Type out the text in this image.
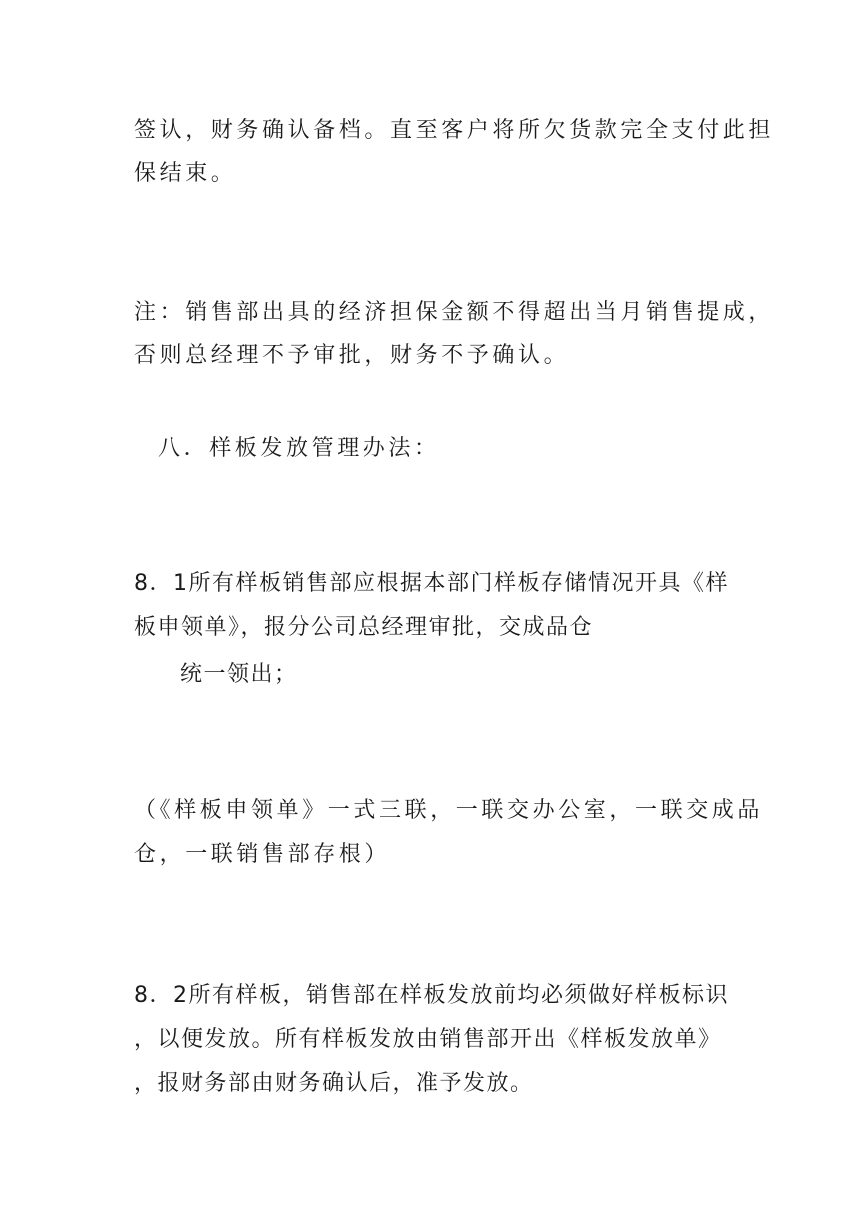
签认，财务确认备档。直至客户将所欠货款完全支付此担
保结束。
注：销售部出具的经济担保金额不得超出当月销售提成，
否则总经理不予审批，财务不予确认。
八．样板发放管理办法：
8．1所有样板销售部应根据本部门样板存储情况开具《样
板申领单》，报分公司总经理审批，交成品仓
统一领出；
（《样板申领单》一式三联，一联交办公室，一联交成品
仓，一联销售部存根）
8．2所有样板，销售部在样板发放前均必须做好样板标识
，以便发放。所有样板发放由销售部开出《样板发放单》
，报财务部由财务确认后，准予发放。
